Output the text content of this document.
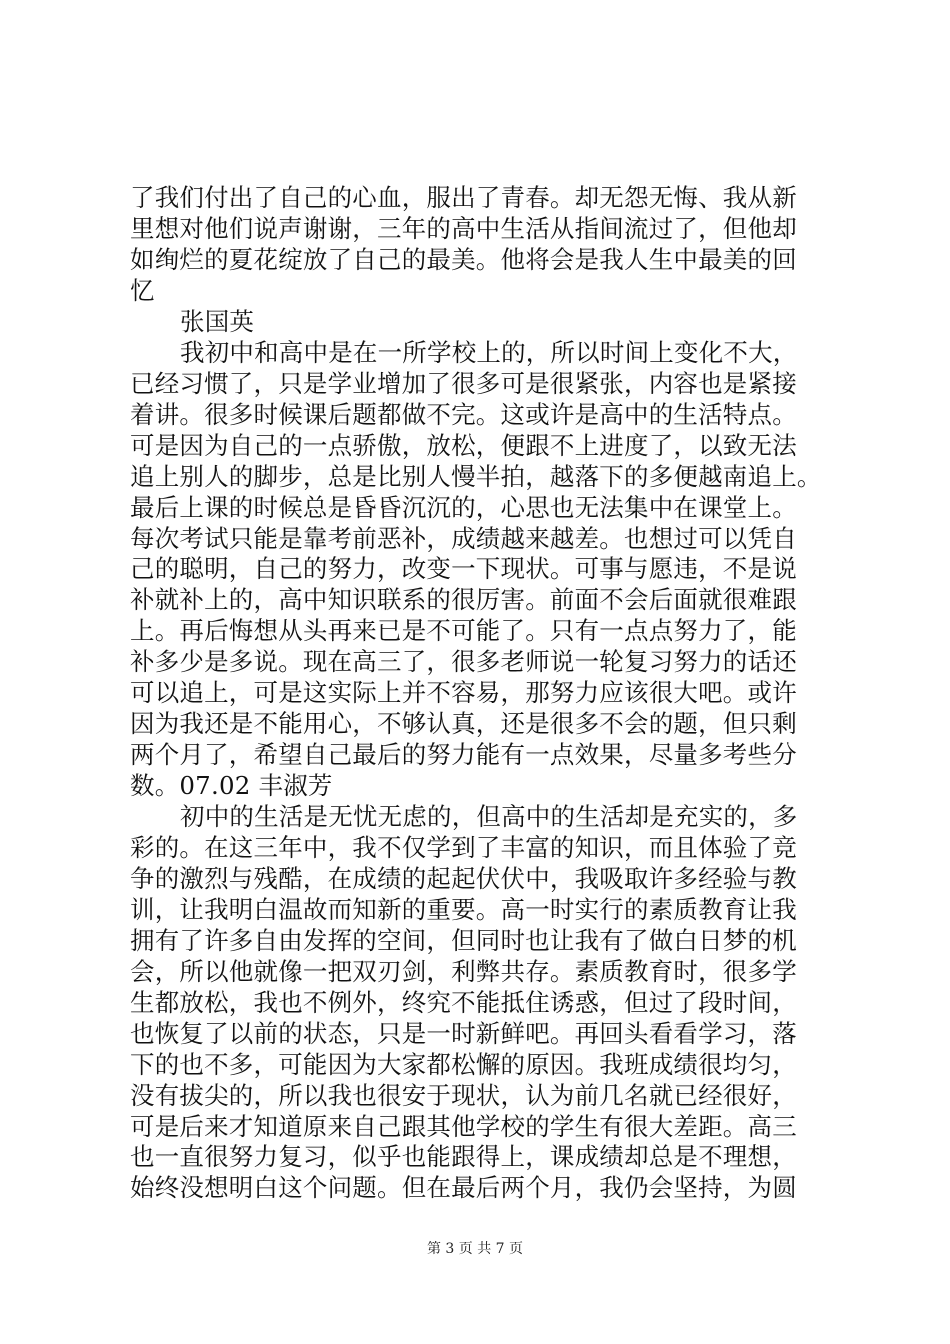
了我们付出了自己的心血，服出了青春。却无怨无悔、我从新
里想对他们说声谢谢，三年的高中生活从指间流过了，但他却
如绚烂的夏花绽放了自己的最美。他将会是我人生中最美的回
忆
张国英
我初中和高中是在一所学校上的，所以时间上变化不大，
已经习惯了，只是学业增加了很多可是很紧张，内容也是紧接
着讲。很多时候课后题都做不完。这或许是高中的生活特点。
可是因为自己的一点骄傲，放松，便跟不上进度了，以致无法
追上别人的脚步，总是比别人慢半拍，越落下的多便越南追上。
最后上课的时候总是昏昏沉沉的，心思也无法集中在课堂上。
每次考试只能是靠考前恶补，成绩越来越差。也想过可以凭自
己的聪明，自己的努力，改变一下现状。可事与愿违，不是说
补就补上的，高中知识联系的很厉害。前面不会后面就很难跟
上。再后悔想从头再来已是不可能了。只有一点点努力了，能
补多少是多说。现在高三了，很多老师说一轮复习努力的话还
可以追上，可是这实际上并不容易，那努力应该很大吧。或许
因为我还是不能用心，不够认真，还是很多不会的题，但只剩
两个月了，希望自己最后的努力能有一点效果，尽量多考些分
数。07.02 丰淑芳
初中的生活是无忧无虑的，但高中的生活却是充实的，多
彩的。在这三年中，我不仅学到了丰富的知识，而且体验了竞
争的激烈与残酷，在成绩的起起伏伏中，我吸取许多经验与教
训，让我明白温故而知新的重要。高一时实行的素质教育让我
拥有了许多自由发挥的空间，但同时也让我有了做白日梦的机
会，所以他就像一把双刃剑，利弊共存。素质教育时，很多学
生都放松，我也不例外，终究不能抵住诱惑，但过了段时间，
也恢复了以前的状态，只是一时新鲜吧。再回头看看学习，落
下的也不多，可能因为大家都松懈的原因。我班成绩很均匀，
没有拔尖的，所以我也很安于现状，认为前几名就已经很好，
可是后来才知道原来自己跟其他学校的学生有很大差距。高三
也一直很努力复习，似乎也能跟得上，课成绩却总是不理想，
始终没想明白这个问题。但在最后两个月，我仍会坚持，为圆
第 3 页 共 7 页
